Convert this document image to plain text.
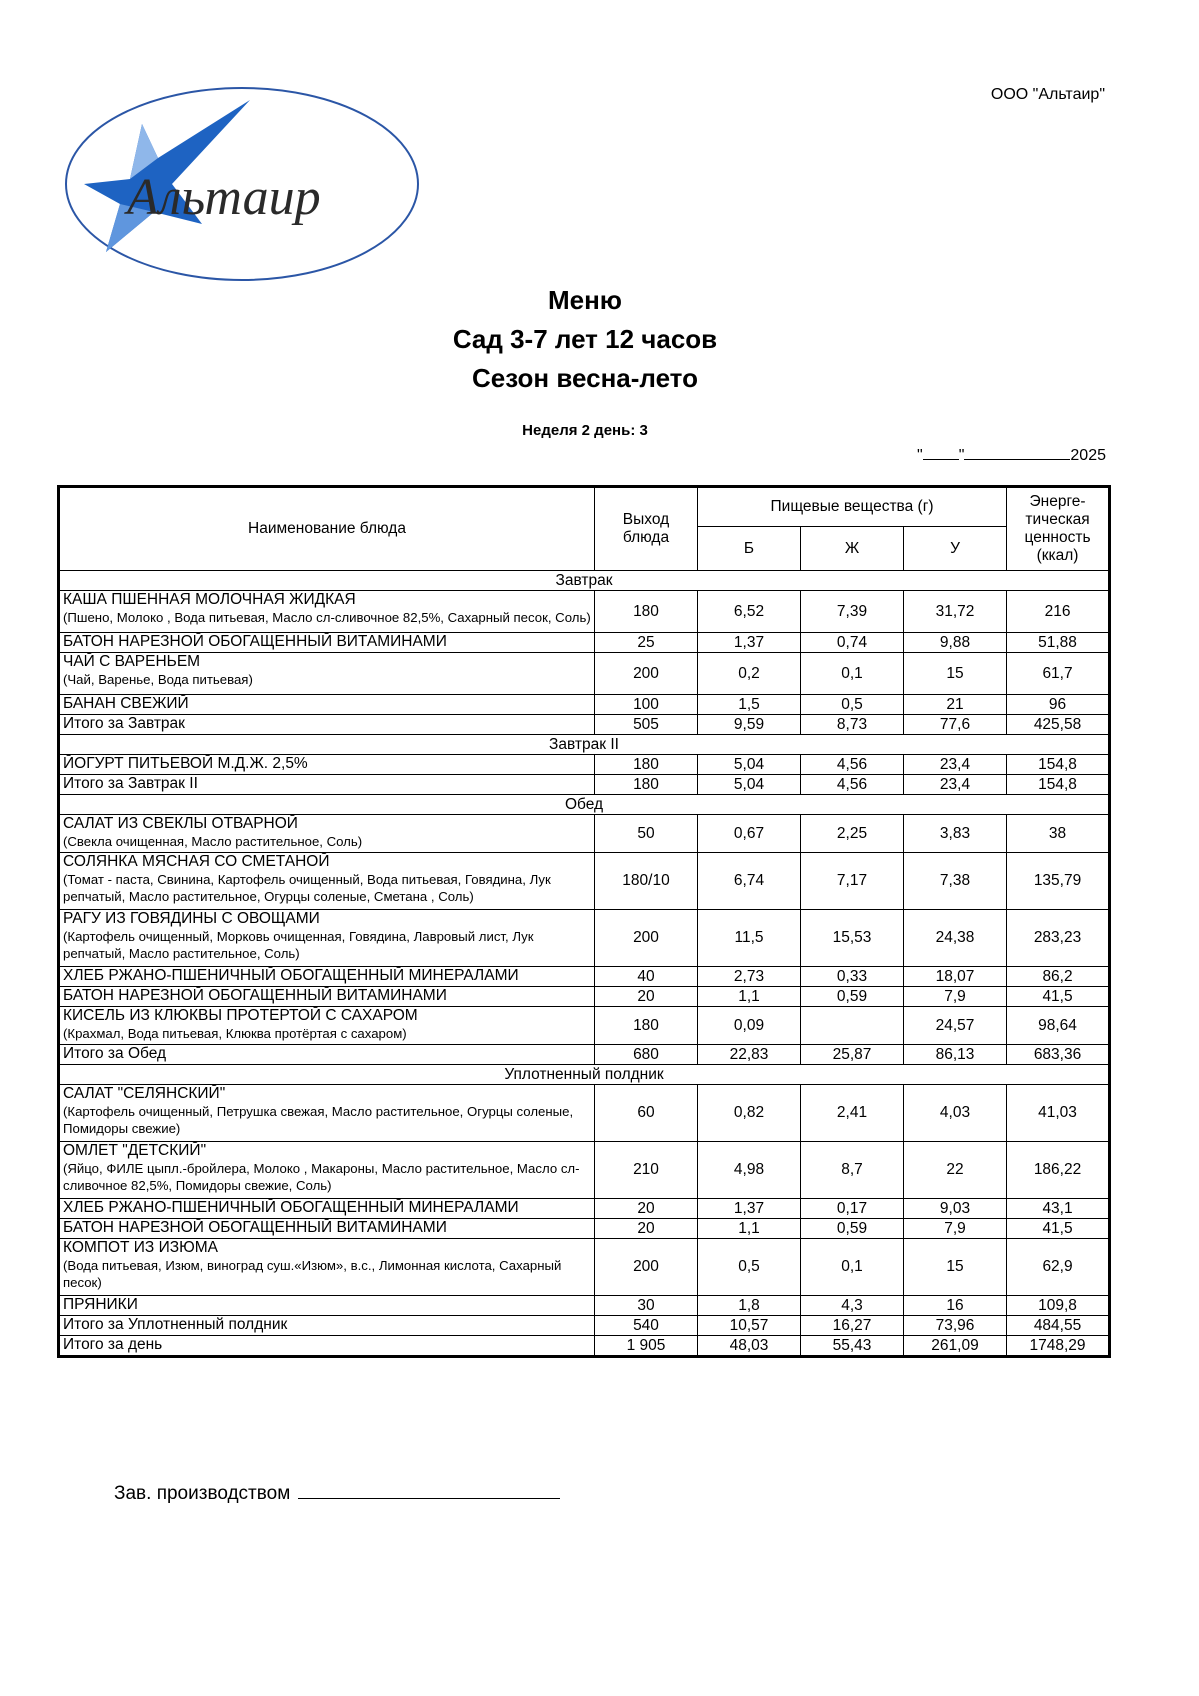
Альтаир
ООО "Альтаир"
Меню
Сад 3-7 лет 12 часов
Сезон весна-лето
Неделя 2 день: 3
" "	2025
Наименование блюда	Выход блюда	Пищевые вещества (г)			Энерге-тическая ценность (ккал)
		Б	Ж	У	
Завтрак					

КАША ПШЕННАЯ МОЛОЧНАЯ ЖИДКАЯ
(Пшено, Молоко , Вода питьевая, Масло сл-сливочное 82,5%, Сахарный песок, Соль)	180	6,52	7,39	31,72	216

БАТОН НАРЕЗНОЙ ОБОГАЩЕННЫЙ ВИТАМИНАМИ	25	1,37	0,74	9,88	51,88

ЧАЙ С ВАРЕНЬЕМ
(Чай, Варенье, Вода питьевая)	200	0,2	0,1	15	61,7

БАНАН СВЕЖИЙ	100	1,5	0,5	21	96
Итого за Завтрак	505	9,59	8,73	77,6	425,58
Завтрак II					

ЙОГУРТ ПИТЬЕВОЙ М.Д.Ж. 2,5%	180	5,04	4,56	23,4	154,8
Итого за Завтрак II	180	5,04	4,56	23,4	154,8
Обед					

САЛАТ ИЗ СВЕКЛЫ ОТВАРНОЙ
(Свекла очищенная, Масло растительное, Соль)	50	0,67	2,25	3,83	38

СОЛЯНКА МЯСНАЯ СО СМЕТАНОЙ
(Томат - паста, Свинина, Картофель очищенный, Вода питьевая, Говядина, Лук репчатый, Масло растительное, Огурцы соленые, Сметана , Соль)	180/10	6,74	7,17	7,38	135,79

РАГУ ИЗ ГОВЯДИНЫ С ОВОЩАМИ
(Картофель очищенный, Морковь очищенная, Говядина, Лавровый лист, Лук репчатый, Масло растительное, Соль)	200	11,5	15,53	24,38	283,23

ХЛЕБ РЖАНО-ПШЕНИЧНЫЙ ОБОГАЩЕННЫЙ МИНЕРАЛАМИ	40	2,73	0,33	18,07	86,2

БАТОН НАРЕЗНОЙ ОБОГАЩЕННЫЙ ВИТАМИНАМИ	20	1,1	0,59	7,9	41,5

КИСЕЛЬ ИЗ КЛЮКВЫ ПРОТЕРТОЙ С САХАРОМ
(Крахмал, Вода питьевая, Клюква протёртая с сахаром)	180	0,09		24,57	98,64
Итого за Обед	680	22,83	25,87	86,13	683,36
Уплотненный полдник					

САЛАТ "СЕЛЯНСКИЙ"
(Картофель очищенный, Петрушка свежая, Масло растительное, Огурцы соленые, Помидоры свежие)	60	0,82	2,41	4,03	41,03

ОМЛЕТ "ДЕТСКИЙ"
(Яйцо, ФИЛЕ цыпл.-бройлера, Молоко , Макароны, Масло растительное, Масло сл-сливочное 82,5%, Помидоры свежие, Соль)	210	4,98	8,7	22	186,22

ХЛЕБ РЖАНО-ПШЕНИЧНЫЙ ОБОГАЩЕННЫЙ МИНЕРАЛАМИ	20	1,37	0,17	9,03	43,1

БАТОН НАРЕЗНОЙ ОБОГАЩЕННЫЙ ВИТАМИНАМИ	20	1,1	0,59	7,9	41,5

КОМПОТ ИЗ ИЗЮМА
(Вода питьевая, Изюм, виноград суш.«Изюм», в.с., Лимонная кислота, Сахарный песок)	200	0,5	0,1	15	62,9

ПРЯНИКИ	30	1,8	4,3	16	109,8
Итого за Уплотненный полдник	540	10,57	16,27	73,96	484,55
Итого за день	1 905	48,03	55,43	261,09	1748,29
Зав. производством
